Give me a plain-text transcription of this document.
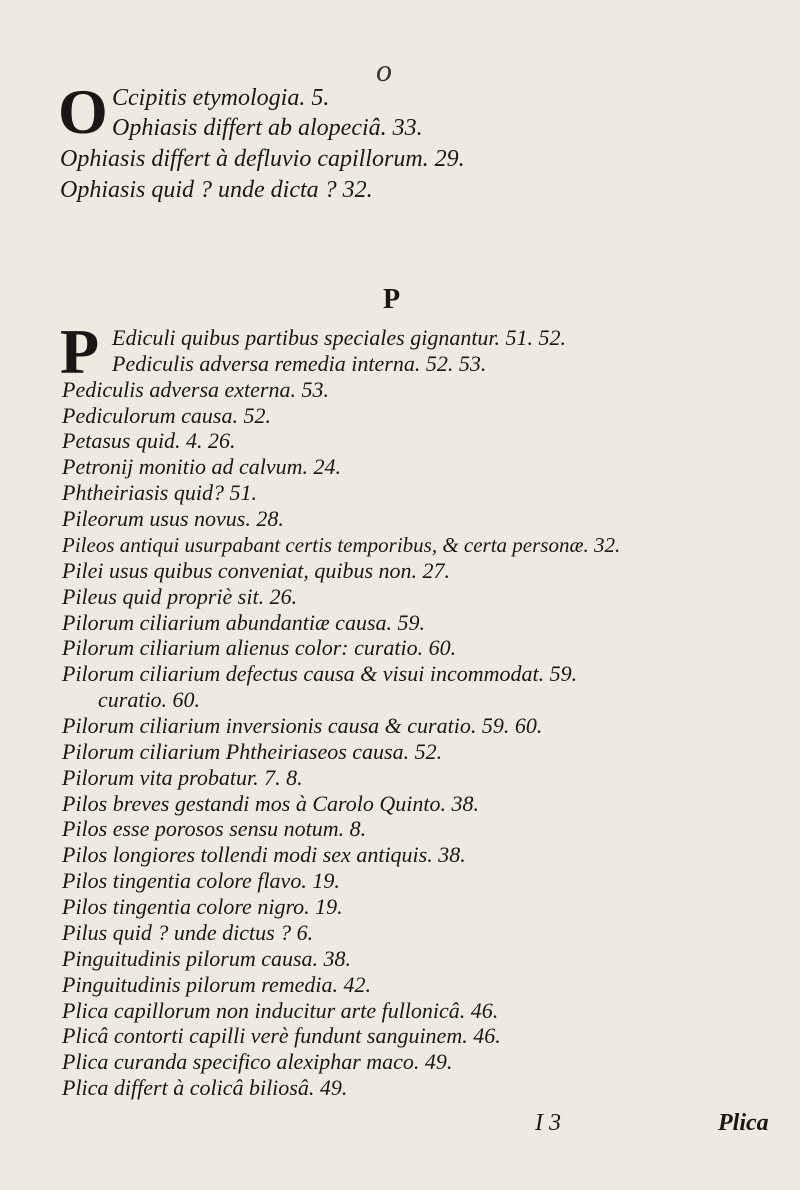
o
O Ccipitis etymologia. 5.
Ophiasis differt ab alopeciâ. 33.
Ophiasis differt à defluvio capillorum. 29.
Ophiasis quid ? unde dicta ? 32.
P
P
I 3	Plica
Ediculi quibus partibus speciales gignantur. 51. 52.
Pediculis adversa remedia interna. 52. 53.
Pediculis adversa externa. 53.
Pediculorum causa. 52.
Petasus quid. 4. 26.
Petronij monitio ad calvum. 24.
Phtheiriasis quid? 51.
Pileorum usus novus. 28.
Pileos antiqui usurpabant certis temporibus, & certa personæ. 32.
Pilei usus quibus conveniat, quibus non. 27.
Pileus quid propriè sit. 26.
Pilorum ciliarium abundantiæ causa. 59.
Pilorum ciliarium alienus color: curatio. 60.
Pilorum ciliarium defectus causa & visui incommodat. 59.
curatio. 60.
Pilorum ciliarium inversionis causa & curatio. 59. 60.
Pilorum ciliarium Phtheiriaseos causa. 52.
Pilorum vita probatur. 7. 8.
Pilos breves gestandi mos à Carolo Quinto. 38.
Pilos esse porosos sensu notum. 8.
Pilos longiores tollendi modi sex antiquis. 38.
Pilos tingentia colore flavo. 19.
Pilos tingentia colore nigro. 19.
Pilus quid ? unde dictus ? 6.
Pinguitudinis pilorum causa. 38.
Pinguitudinis pilorum remedia. 42.
Plica capillorum non inducitur arte fullonicâ. 46.
Plicâ contorti capilli verè fundunt sanguinem. 46.
Plica curanda specifico alexiphar maco. 49.
Plica differt à colicâ biliosâ. 49.
